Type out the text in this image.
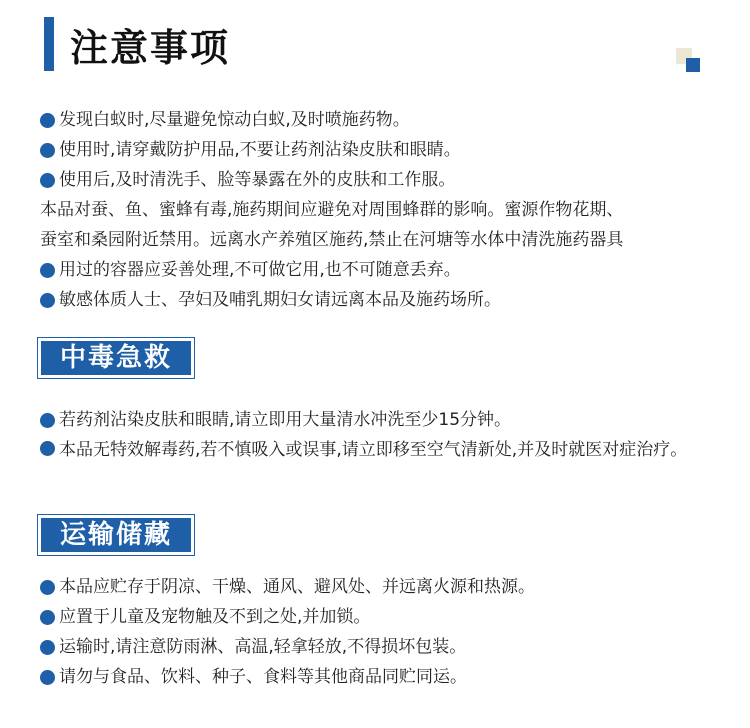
注意事项
发现白蚁时,尽量避免惊动白蚁,及时喷施药物。
使用时,请穿戴防护用品,不要让药剂沾染皮肤和眼睛。
使用后,及时清洗手、脸等暴露在外的皮肤和工作服。
本品对蚕、鱼、蜜蜂有毒,施药期间应避免对周围蜂群的影响。蜜源作物花期、
蚕室和桑园附近禁用。远离水产养殖区施药,禁止在河塘等水体中清洗施药器具
用过的容器应妥善处理,不可做它用,也不可随意丢弃。
敏感体质人士、孕妇及哺乳期妇女请远离本品及施药场所。
中毒急救
若药剂沾染皮肤和眼睛,请立即用大量清水冲洗至少15分钟。
本品无特效解毒药,若不慎吸入或误事,请立即移至空气清新处,并及时就医对症治疗。
运输储藏
本品应贮存于阴凉、干燥、通风、避风处、并远离火源和热源。
应置于儿童及宠物触及不到之处,并加锁。
运输时,请注意防雨淋、高温,轻拿轻放,不得损坏包装。
请勿与食品、饮料、种子、食料等其他商品同贮同运。
